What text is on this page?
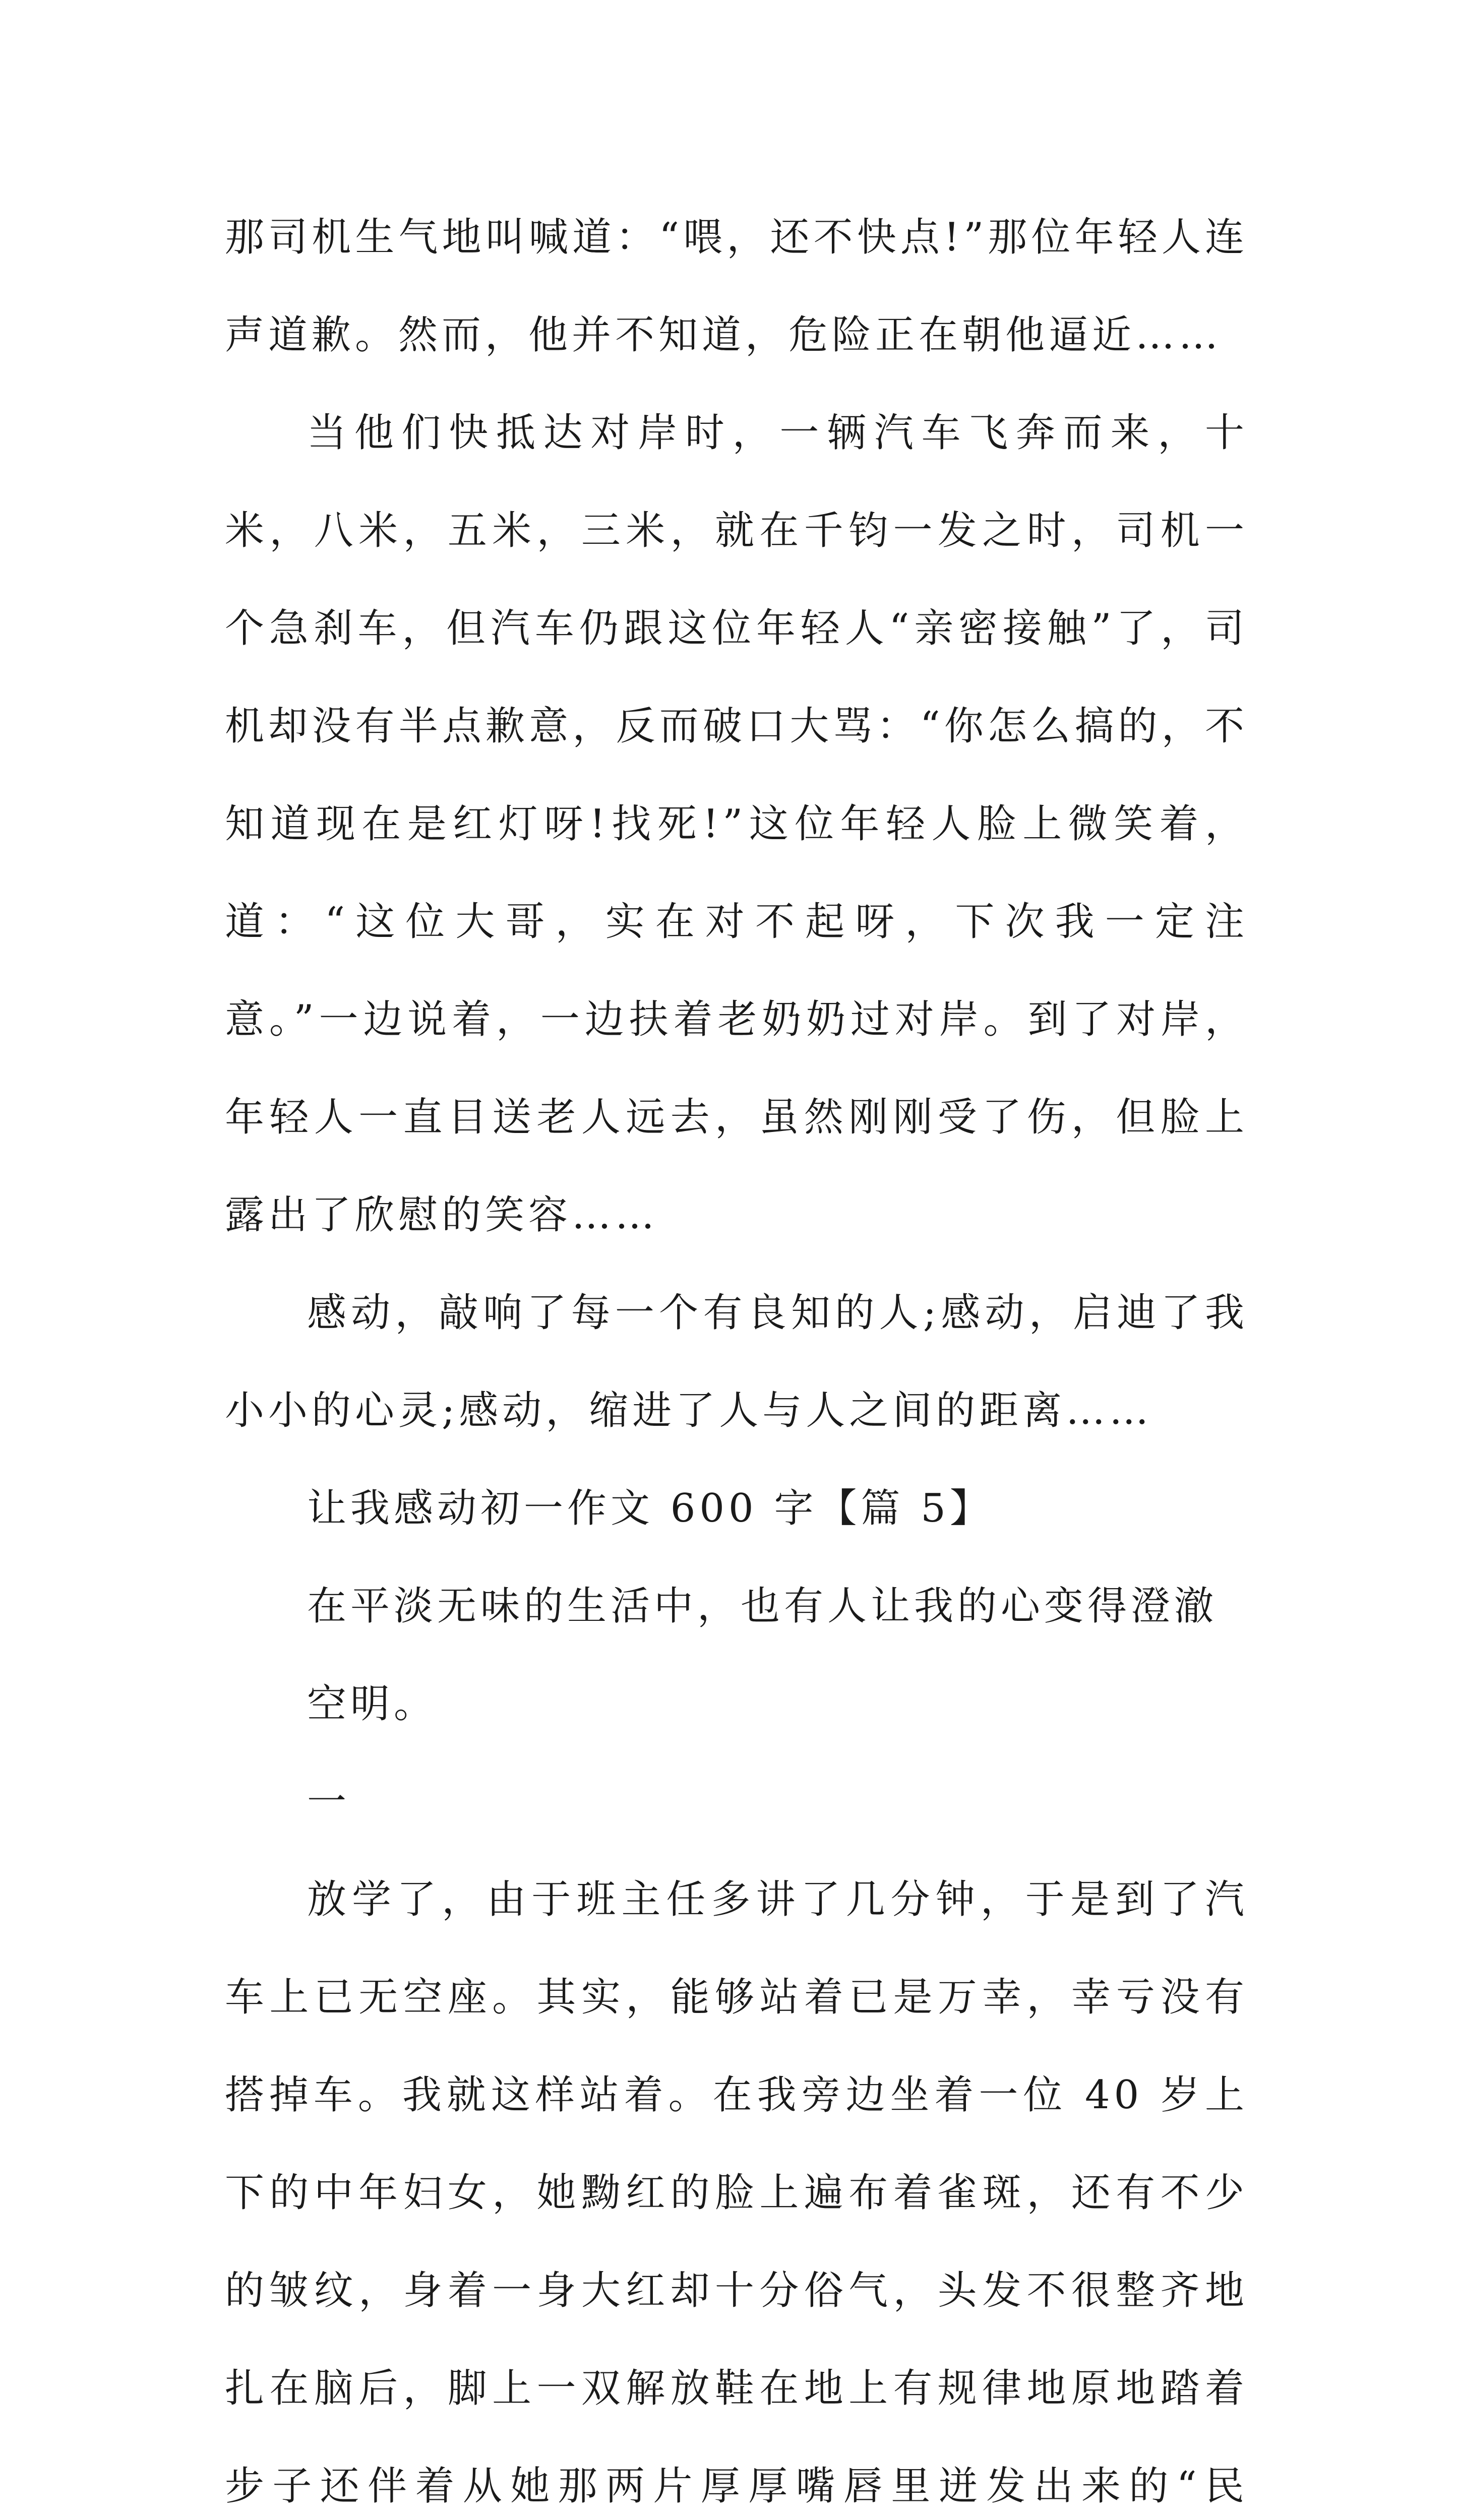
那司机生气地叫喊道：“喂，还不快点!”那位年轻人连声道歉。然而，他并不知道，危险正在朝他逼近……

当他们快抵达对岸时，一辆汽车飞奔而来，十米，八米，五米，三米，就在千钧一发之时，司机一个急刹车，但汽车仍跟这位年轻人“亲密接触”了，司机却没有半点歉意，反而破口大骂：“你怎么搞的，不知道现在是红灯呀!找死!”这位年轻人脸上微笑着，道：“这位大哥，实在对不起呀，下次我一定注意。”一边说着，一边扶着老奶奶过对岸。到了对岸，年轻人一直目送老人远去，虽然刚刚受了伤，但脸上露出了欣慰的笑容……

感动，敲响了每一个有良知的人;感动，启迪了我小小的心灵;感动，缩进了人与人之间的距离……

让我感动初一作文 600 字【篇 5】

在平淡无味的生活中，也有人让我的心变得澄澈空明。

一

放学了，由于班主任多讲了几分钟，于是到了汽车上已无空座。其实，能够站着已是万幸，幸亏没有搭掉车。我就这样站着。在我旁边坐着一位 40 岁上下的中年妇女，她黝红的脸上遍布着雀斑，还有不少的皱纹，身着一身大红却十分俗气，头发不很整齐地扎在脑后，脚上一双解放鞋在地上有规律地原地踏着步子还伴着从她那两片厚厚嘴唇里迸发出来的“民
